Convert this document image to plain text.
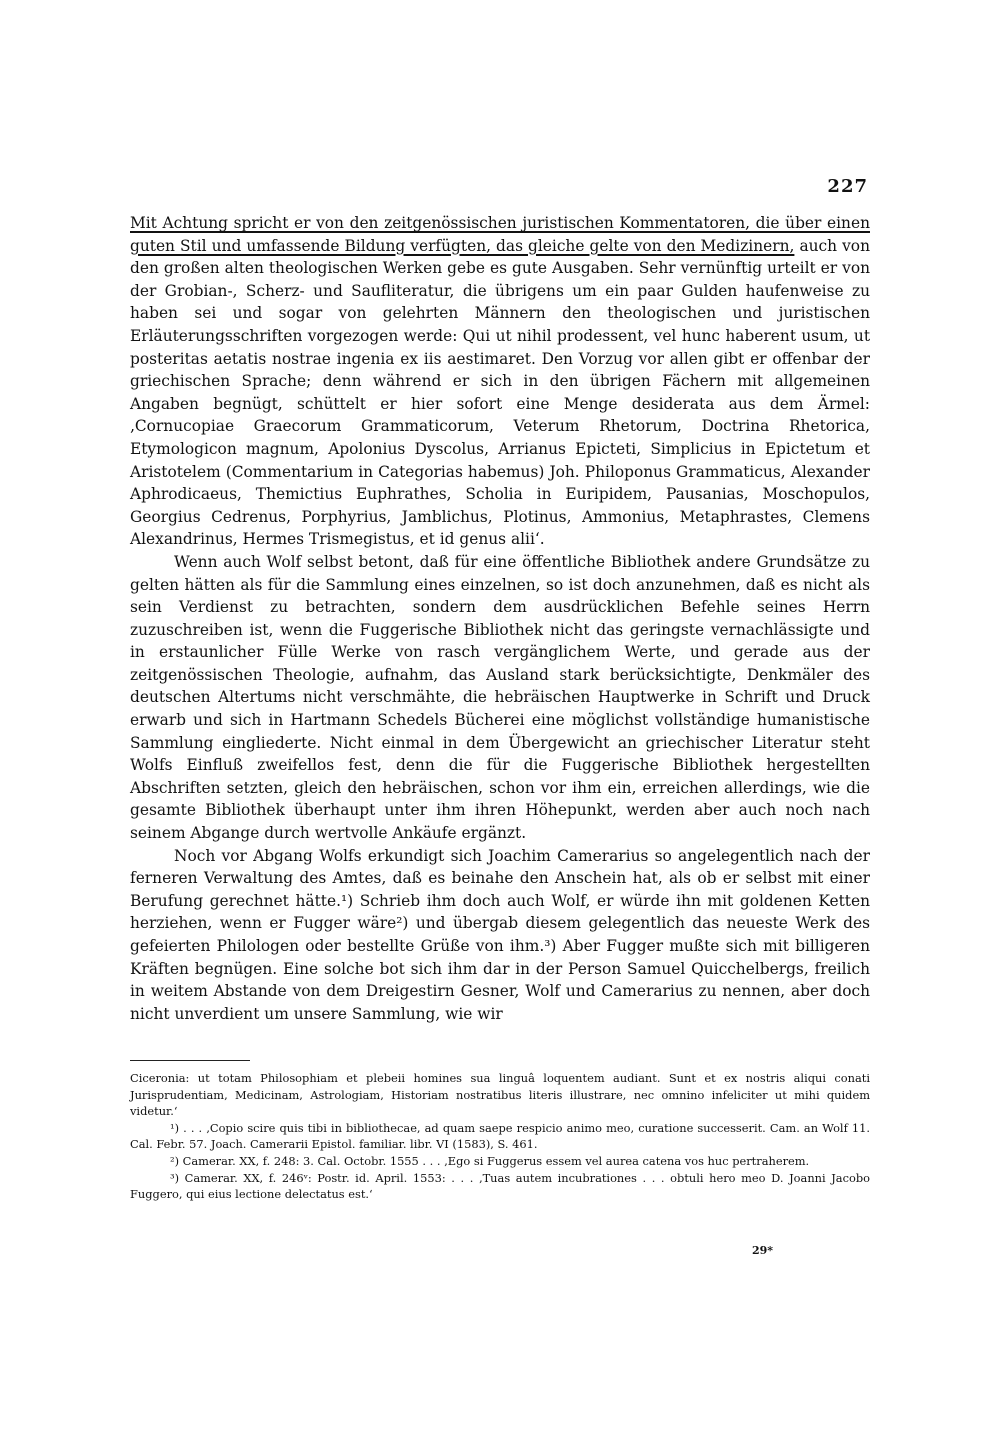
227

Mit Achtung spricht er von den zeitgenössischen juristischen Kommentatoren, die über einen guten Stil und umfassende Bildung verfügten, das gleiche gelte von den Medizinern, auch von den großen alten theologischen Werken gebe es gute Ausgaben. Sehr vernünftig urteilt er von der Grobian-, Scherz- und Saufliteratur, die übrigens um ein paar Gulden haufenweise zu haben sei und sogar von gelehrten Männern den theologischen und juristischen Erläuterungsschriften vorgezogen werde: Qui ut nihil prodessent, vel hunc haberent usum, ut posteritas aetatis nostrae ingenia ex iis aestimaret. Den Vorzug vor allen gibt er offenbar der griechischen Sprache; denn während er sich in den übrigen Fächern mit allgemeinen Angaben begnügt, schüttelt er hier sofort eine Menge desiderata aus dem Ärmel: ‚Cornucopiae Graecorum Grammaticorum, Veterum Rhetorum, Doctrina Rhetorica, Etymologicon magnum, Apolonius Dyscolus, Arrianus Epicteti, Simplicius in Epictetum et Aristotelem (Commentarium in Categorias habemus) Joh. Philoponus Grammaticus, Alexander Aphrodicaeus, Themictius Euphrathes, Scholia in Euripidem, Pausanias, Moschopulos, Georgius Cedrenus, Porphyrius, Jamblichus, Plotinus, Ammonius, Metaphrastes, Clemens Alexandrinus, Hermes Trismegistus, et id genus alii‘.

Wenn auch Wolf selbst betont, daß für eine öffentliche Bibliothek andere Grundsätze zu gelten hätten als für die Sammlung eines einzelnen, so ist doch anzunehmen, daß es nicht als sein Verdienst zu betrachten, sondern dem ausdrücklichen Befehle seines Herrn zuzuschreiben ist, wenn die Fuggerische Bibliothek nicht das geringste vernachlässigte und in erstaunlicher Fülle Werke von rasch vergänglichem Werte, und gerade aus der zeitgenössischen Theologie, aufnahm, das Ausland stark berücksichtigte, Denkmäler des deutschen Altertums nicht verschmähte, die hebräischen Hauptwerke in Schrift und Druck erwarb und sich in Hartmann Schedels Bücherei eine möglichst vollständige humanistische Sammlung eingliederte. Nicht einmal in dem Übergewicht an griechischer Literatur steht Wolfs Einfluß zweifellos fest, denn die für die Fuggerische Bibliothek hergestellten Abschriften setzten, gleich den hebräischen, schon vor ihm ein, erreichen allerdings, wie die gesamte Bibliothek überhaupt unter ihm ihren Höhepunkt, werden aber auch noch nach seinem Abgange durch wertvolle Ankäufe ergänzt.

Noch vor Abgang Wolfs erkundigt sich Joachim Camerarius so angelegentlich nach der ferneren Verwaltung des Amtes, daß es beinahe den Anschein hat, als ob er selbst mit einer Berufung gerechnet hätte.¹) Schrieb ihm doch auch Wolf, er würde ihn mit goldenen Ketten herziehen, wenn er Fugger wäre²) und übergab diesem gelegentlich das neueste Werk des gefeierten Philologen oder bestellte Grüße von ihm.³) Aber Fugger mußte sich mit billigeren Kräften begnügen. Eine solche bot sich ihm dar in der Person Samuel Quicchelbergs, freilich in weitem Abstande von dem Dreigestirn Gesner, Wolf und Camerarius zu nennen, aber doch nicht unverdient um unsere Sammlung, wie wir

Ciceronia: ut totam Philosophiam et plebeii homines sua linguâ loquentem audiant. Sunt et ex nostris aliqui conati Jurisprudentiam, Medicinam, Astrologiam, Historiam nostratibus literis illustrare, nec omnino infeliciter ut mihi quidem videtur.‘

¹) . . . ‚Copio scire quis tibi in bibliothecae, ad quam saepe respicio animo meo, curatione successerit. Cam. an Wolf 11. Cal. Febr. 57. Joach. Camerarii Epistol. familiar. libr. VI (1583), S. 461.

²) Camerar. XX, f. 248: 3. Cal. Octobr. 1555 . . . ‚Ego si Fuggerus essem vel aurea catena vos huc pertraherem.

³) Camerar. XX, f. 246ᵛ: Postr. id. April. 1553: . . . ‚Tuas autem incubrationes . . . obtuli hero meo D. Joanni Jacobo Fuggero, qui eius lectione delectatus est.‘

29*
